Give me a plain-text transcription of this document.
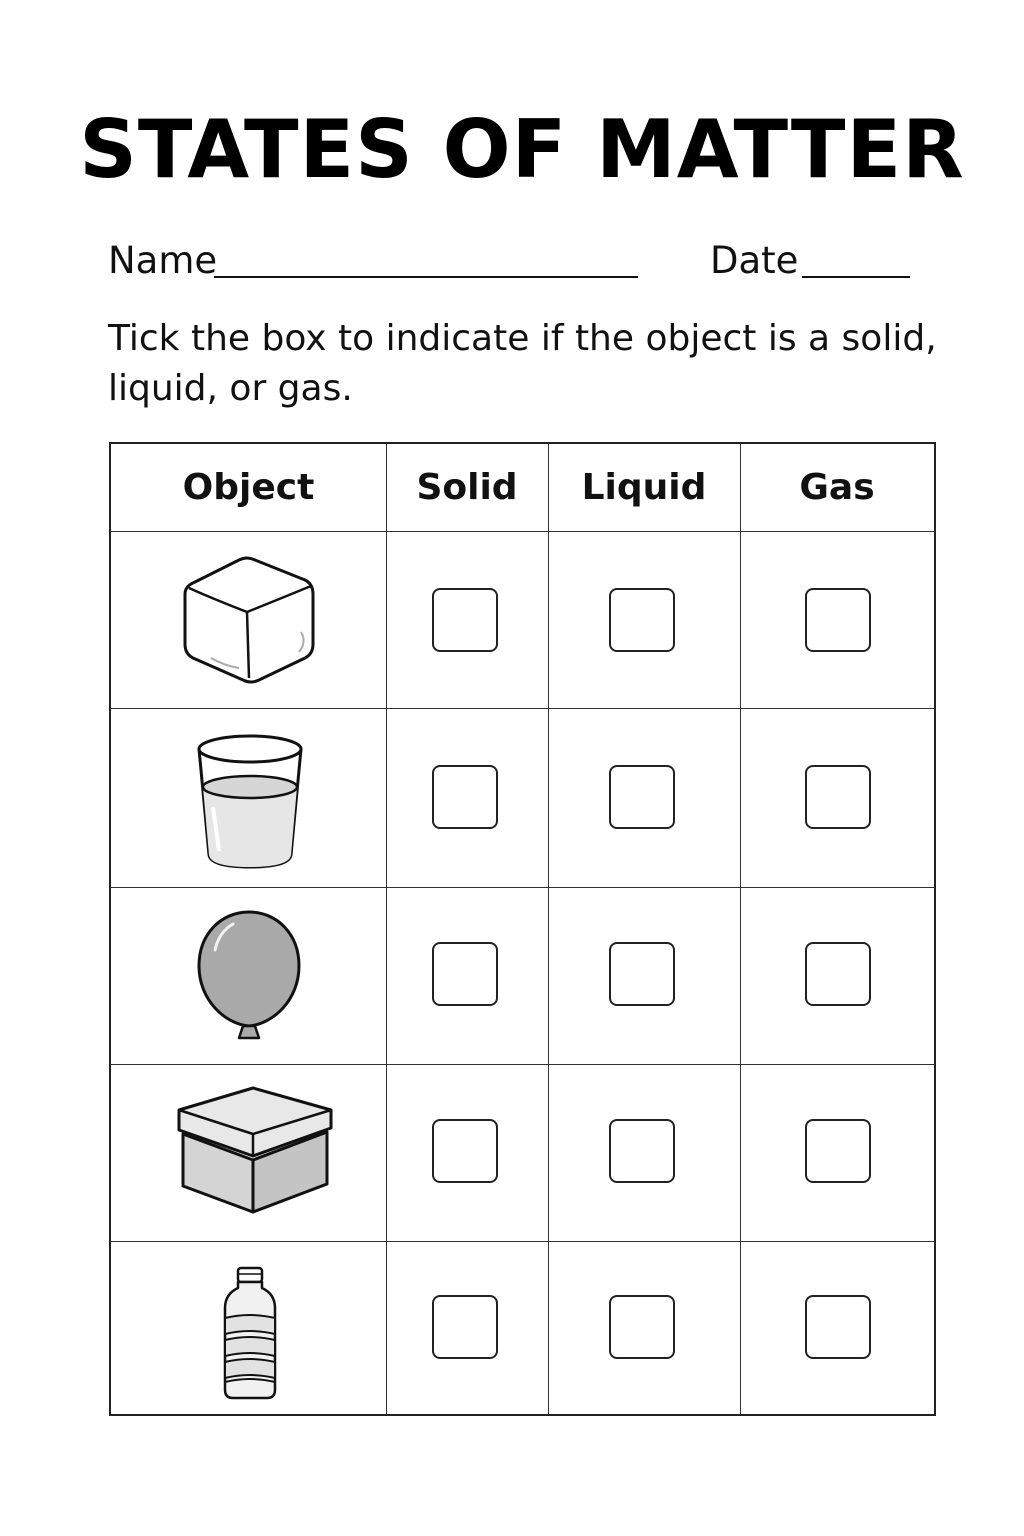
STATES OF MATTER
Name	Date
Tick the box to indicate if the object is a solid, liquid, or gas.
Object	Solid	Liquid	Gas
